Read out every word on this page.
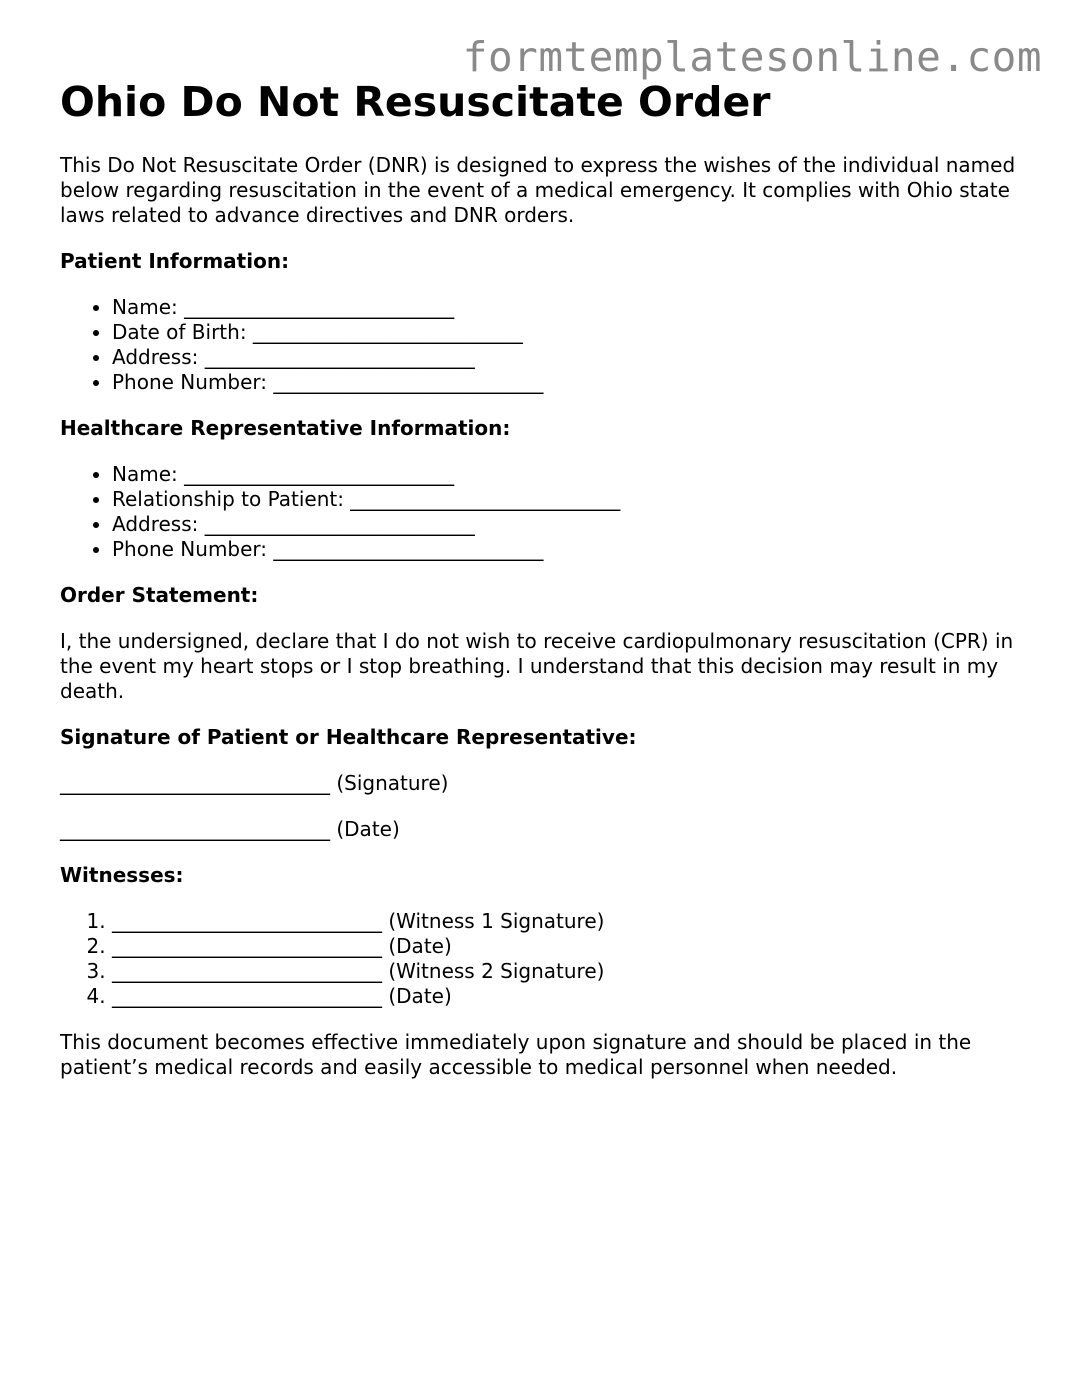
formtemplatesonline.com
Ohio Do Not Resuscitate Order

This Do Not Resuscitate Order (DNR) is designed to express the wishes of the individual named below regarding resuscitation in the event of a medical emergency. It complies with Ohio state laws related to advance directives and DNR orders.

Patient Information:
• Name: ___________________________
• Date of Birth: ___________________________
• Address: ___________________________
• Phone Number: ___________________________
Healthcare Representative Information:
• Name: ___________________________
• Relationship to Patient: ___________________________
• Address: ___________________________
• Phone Number: ___________________________
Order Statement:

I, the undersigned, declare that I do not wish to receive cardiopulmonary resuscitation (CPR) in the event my heart stops or I stop breathing. I understand that this decision may result in my death.

Signature of Patient or Healthcare Representative:
___________________________ (Signature)
___________________________ (Date)
Witnesses:
1. ___________________________ (Witness 1 Signature)
2. ___________________________ (Date)
3. ___________________________ (Witness 2 Signature)
4. ___________________________ (Date)

This document becomes effective immediately upon signature and should be placed in the patient’s medical records and easily accessible to medical personnel when needed.
